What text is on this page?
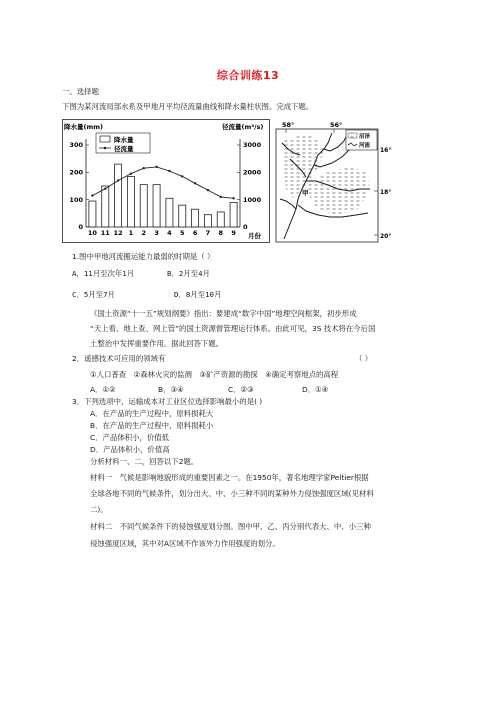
综合训练13
一、选择题
下图为某河流局部水系及甲地月平均径流量曲线和降水量柱状图。完成下题。
降水量(mm)	径流量(m³/s)
月份
300
200
100
0
3000
2000
1000
0
10 11 12 1 2 3 4 5 6 7 8 9
降水量
径流量
58°	56°
16°
18°
20°
甲
沼泽
河流
1.图中甲地河流搬运能力最弱的时期是（ ）
A．11月至次年1月	B．2月至4月
C．5月至7月	D．8月至10月
《国土资源“十一五”规划纲要》指出：要建成“数字中国”地理空间框架，初步形成
“天上看、地上查、网上管”的国土资源督管理运行体系。由此可见，3S 技术将在今后国
土整治中发挥重要作用。据此回答下题。
2．遥感技术可应用的领域有	（ ）
①人口普查　②森林火灾的监测　③矿产资源的勘探　④确定考察地点的高程
A．①②	B．③④	C．②③	D．①④
3．下列选项中，运输成本对工业区位选择影响最小的是( )
A．在产品的生产过程中，原料损耗大
B．在产品的生产过程中，原料损耗小
C．产品体积小，价值低
D．产品体积小，价值高
分析材料一、二，回答以下2题。
材料一　气候是影响地貌形成的重要因素之一。在1950年，著名地理学家Peltier根据
全球各地不同的气候条件，划分出大、中、小三种不同的某种外力侵蚀强度区域(见材料
二)。
材料二　不同气候条件下的侵蚀强度划分图。图中甲、乙、丙分别代表大、中、小三种
侵蚀强度区域，其中对A区域不作该外力作用强度的划分。
